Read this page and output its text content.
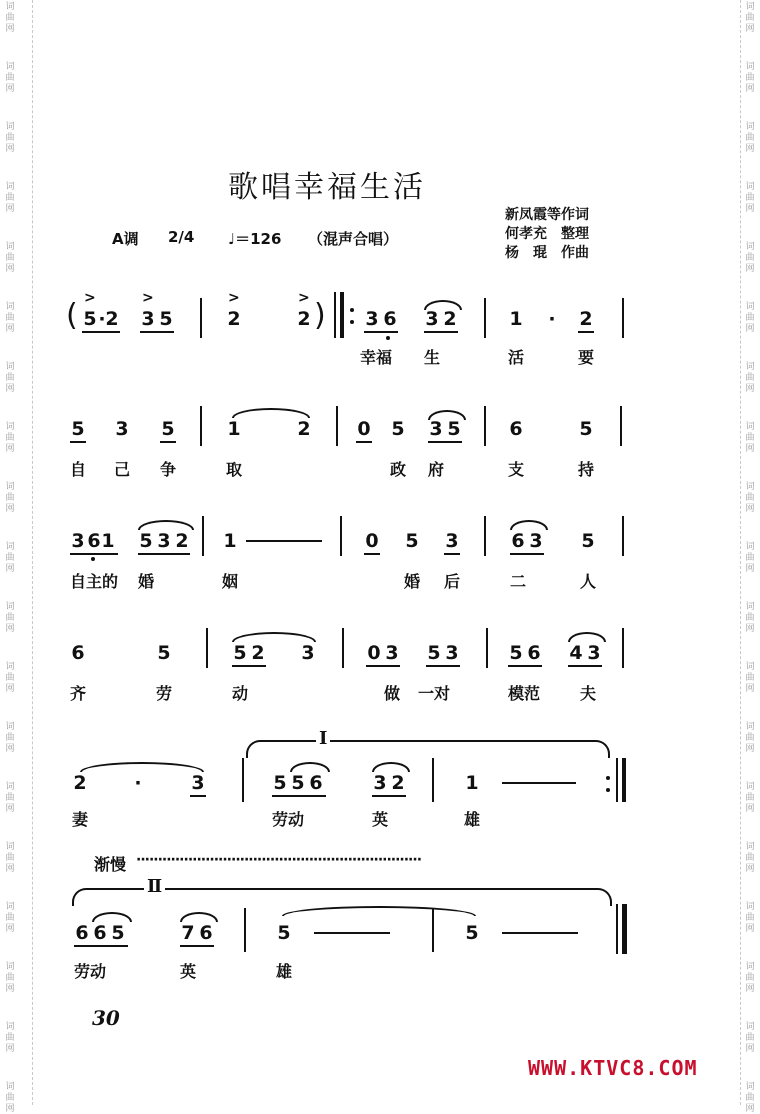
词
曲
网
词
曲
网
词
曲
网
词
曲
网
词
曲
网
词
曲
网
词
曲
网
词
曲
网
词
曲
网
词
曲
网
词
曲
网
词
曲
网
词
曲
网
词
曲
网
词
曲
网
词
曲
网
词
曲
网
词
曲
网
词
曲
网
词
曲
网
词
曲
网
词
曲
网
词
曲
网
词
曲
网
词
曲
网
词
曲
网
词
曲
网
词
曲
网
词
曲
网
词
曲
网
词
曲
网
词
曲
网
词
曲
网
词
曲
网
词
曲
网
词
曲
网
词
曲
网
词
曲
网
歌唱幸福生活
A调 2/4 ♩＝126 （混声合唱）
新凤霞等作词
何孝充　整理
杨　琨　作曲
( >	>	>	>
5 · 2 3 5	2	2 ) 3 6 3 2	1 · 2
幸福 生	活	要
5 3 5	1	2 0 5 3 5	6	5
自 己 争	取	政 府	支	持
3 6 1 5 3 2 1	0 5 3	6 3 5
自主的 婚	姻	婚 后	二	人
6	5	5 2 3	0 3 5 3	5 6 4 3
齐	劳	动	做 一对	模范 夫
Ⅰ
2	·	3	5 5 6	3 2	1
妻	劳动	英	雄
渐慢 ··································································
Ⅱ
6 6 5	7 6	5	5
劳动	英	雄
30
WWW.KTVC8.COM
